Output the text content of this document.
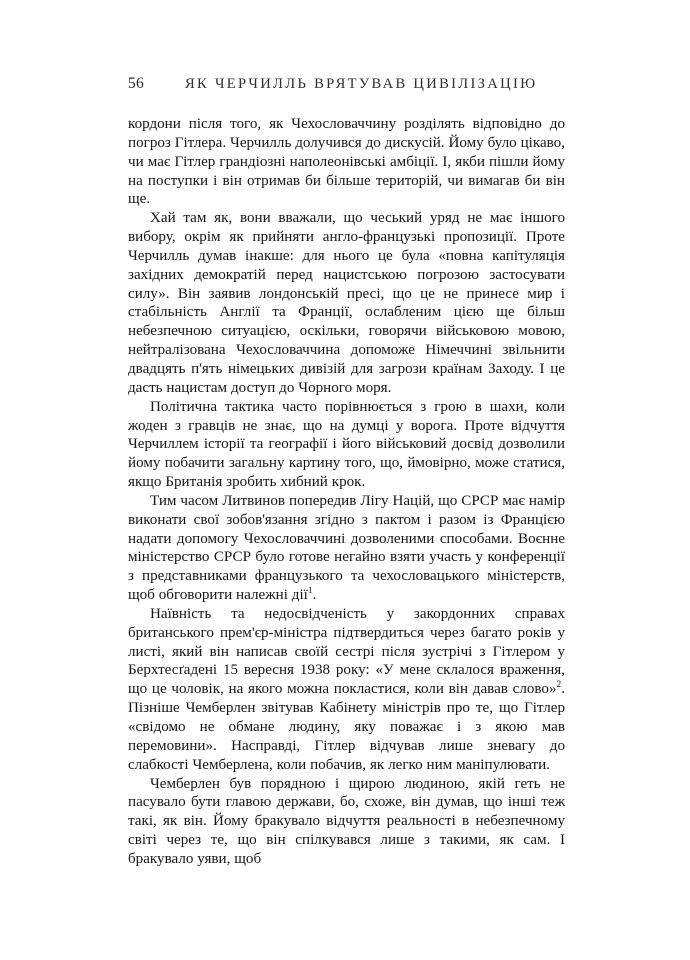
56	ЯК ЧЕРЧИЛЛЬ ВРЯТУВАВ ЦИВІЛІЗАЦІЮ

кордони після того, як Чехословаччину розділять відповідно до погроз Гітлера. Черчилль долучився до дискусій. Йому було цікаво, чи має Гітлер грандіозні наполеонівські амбіції. І, якби пішли йому на поступки і він отримав би більше територій, чи вимагав би він ще.

Хай там як, вони вважали, що чеський уряд не має іншого вибору, окрім як прийняти англо-французькі пропозиції. Проте Черчилль думав інакше: для нього це була «повна капітуляція західних демократій перед нацистською погрозою застосувати силу». Він заявив лондонській пресі, що це не принесе мир і стабільність Англії та Франції, ослабленим цією ще більш небезпечною ситуацією, оскільки, говорячи військовою мовою, нейтралізована Чехословаччина допоможе Німеччині звільнити двадцять п'ять німецьких дивізій для загрози країнам Заходу. І це дасть нацистам доступ до Чорного моря.

Політична тактика часто порівнюється з грою в шахи, коли жоден з гравців не знає, що на думці у ворога. Проте відчуття Черчиллем історії та географії і його військовий досвід дозволили йому побачити загальну картину того, що, ймовірно, може статися, якщо Британія зробить хибний крок.

Тим часом Литвинов попередив Лігу Націй, що СРСР має намір виконати свої зобов'язання згідно з пактом і разом із Францією надати допомогу Чехословаччині дозволеними способами. Воєнне міністерство СРСР було готове негайно взяти участь у конференції з представниками французького та чехословацького міністерств, щоб обговорити належні дії$^1$.

Наївність та недосвідченість у закордонних справах британського прем'єр-міністра підтвердиться через багато років у листі, який він написав своїй сестрі після зустрічі з Гітлером у Берхтесґадені 15 вересня 1938 року: «У мене склалося враження, що це чоловік, на якого можна покластися, коли він давав слово»$^2$. Пізніше Чемберлен звітував Кабінету міністрів про те, що Гітлер «свідомо не обмане людину, яку поважає і з якою мав перемовини». Насправді, Гітлер відчував лише зневагу до слабкості Чемберлена, коли побачив, як легко ним маніпулювати.

Чемберлен був порядною і щирою людиною, якій геть не пасувало бути главою держави, бо, схоже, він думав, що інші теж такі, як він. Йому бракувало відчуття реальності в небезпечному світі через те, що він спілкувався лише з такими, як сам. І бракувало уяви, щоб
